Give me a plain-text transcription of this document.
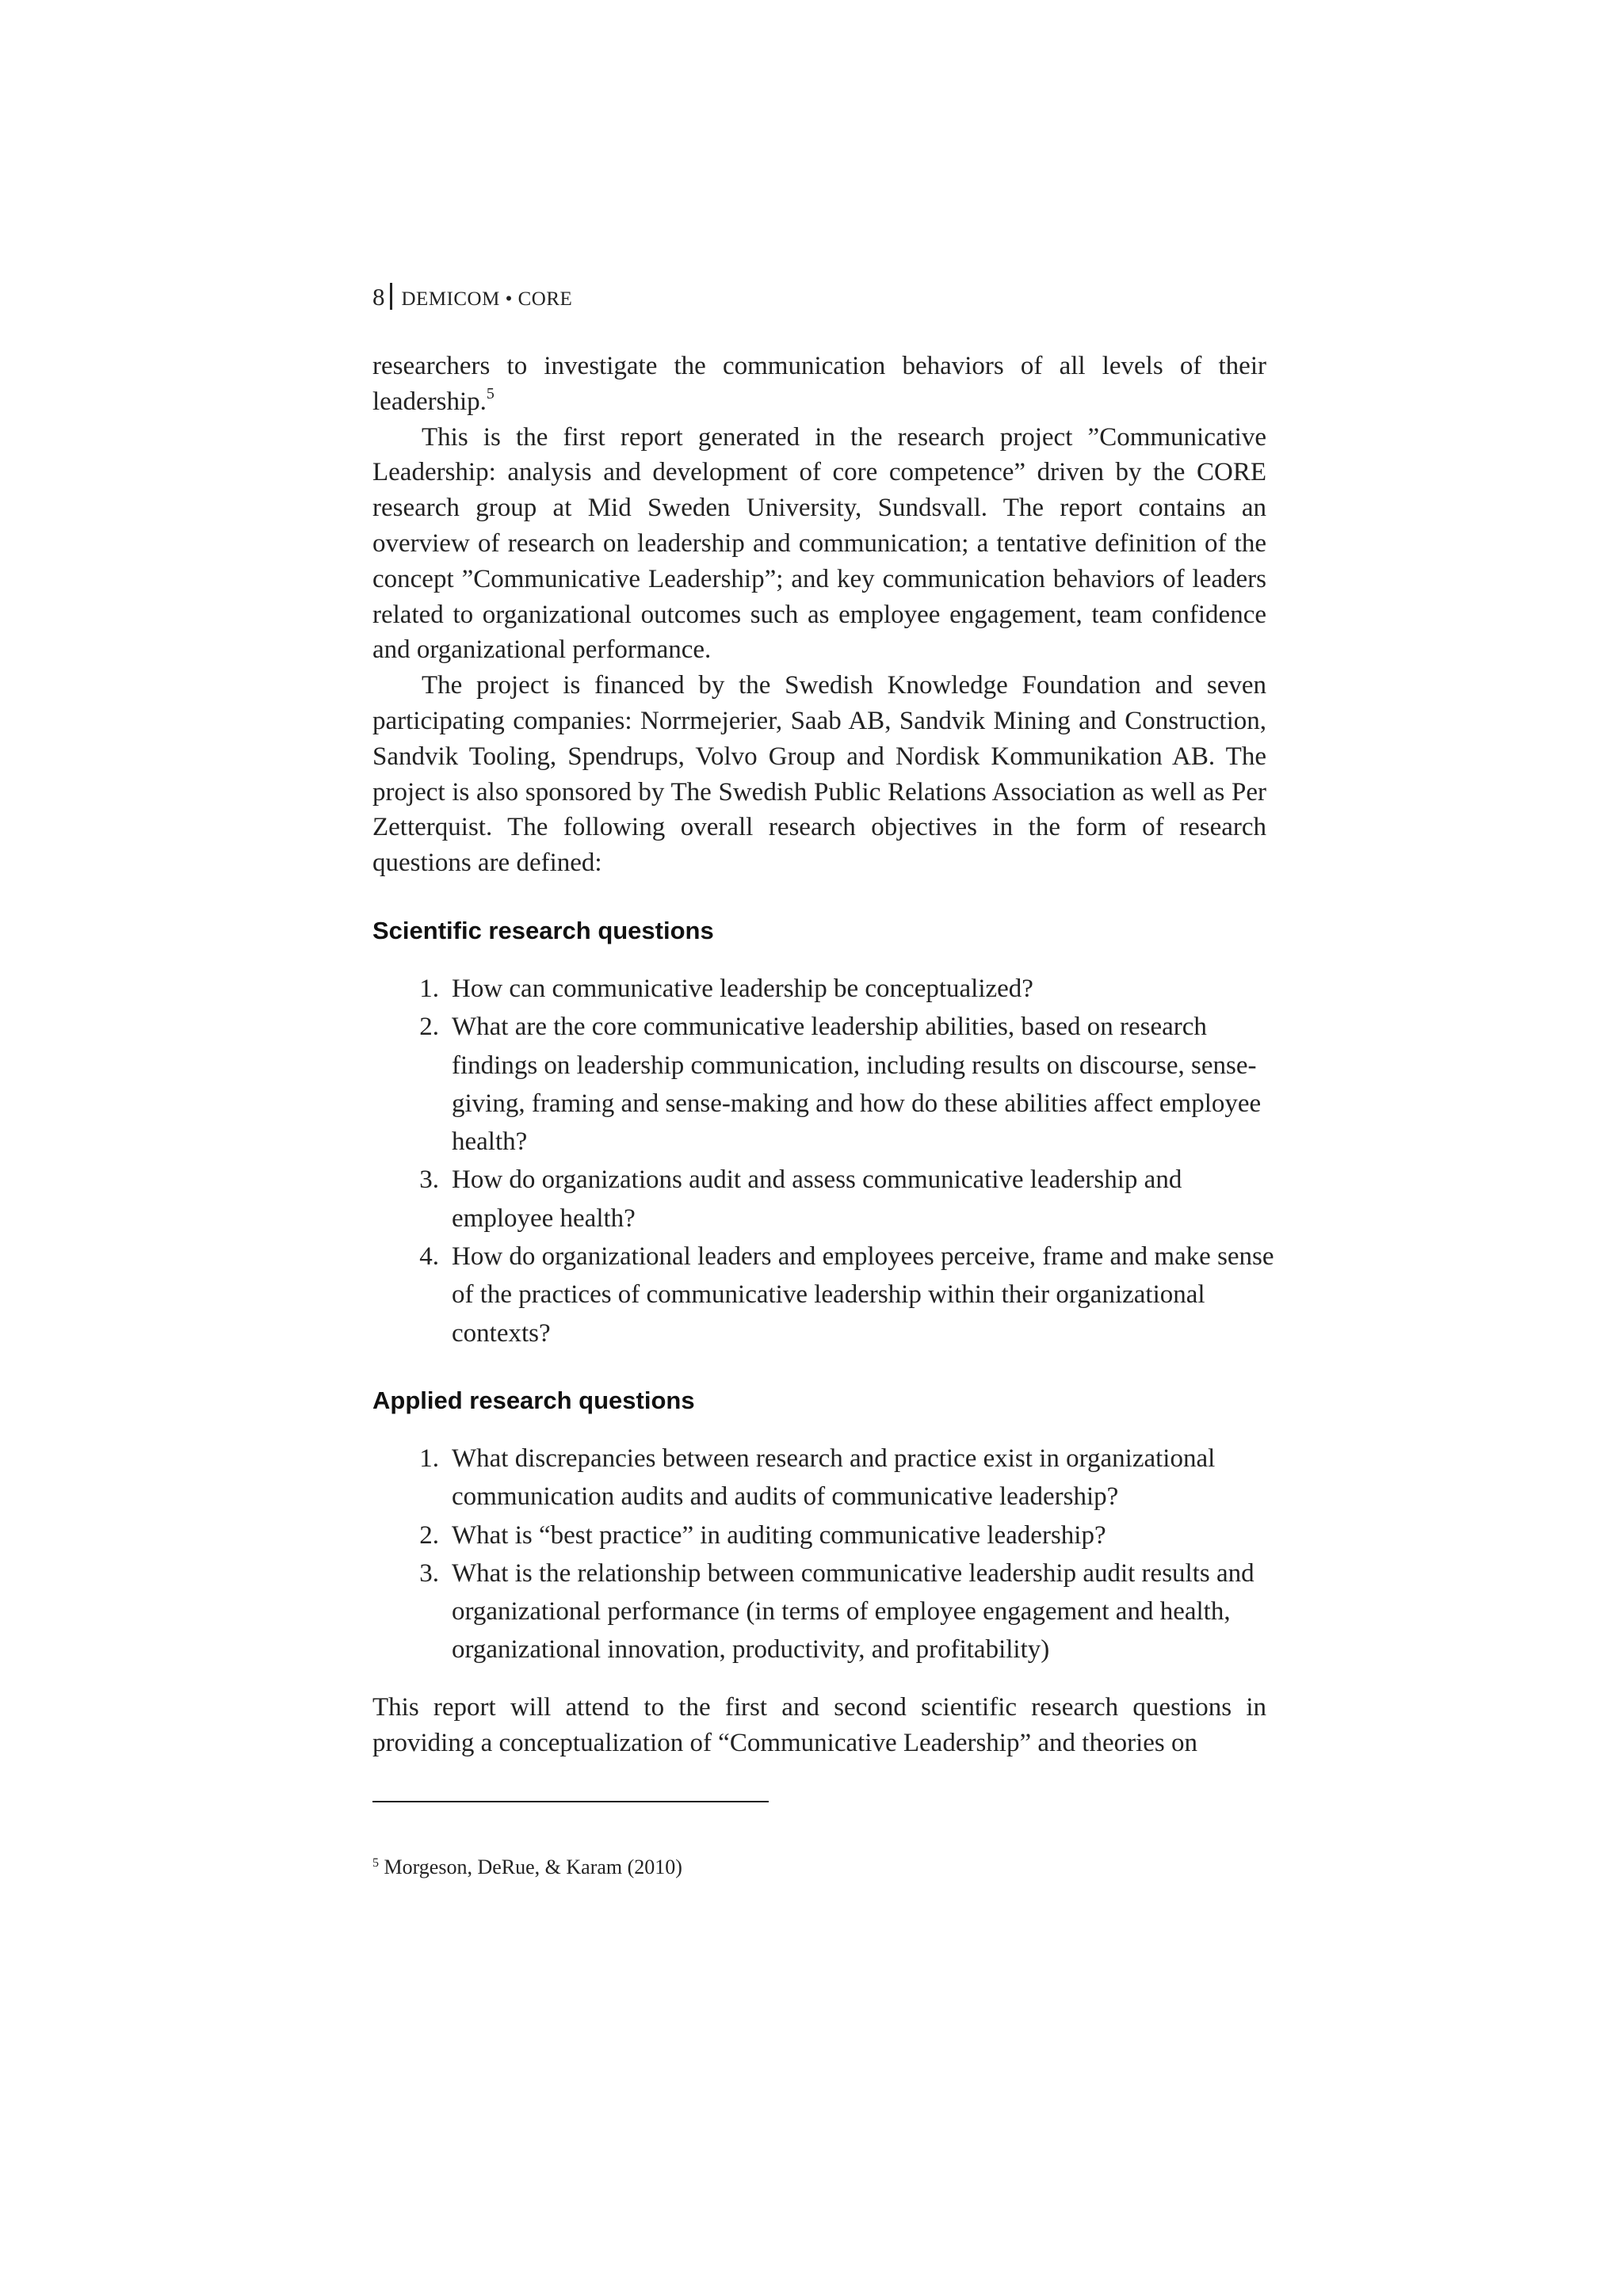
8 DEMICOM • CORE

researchers to investigate the communication behaviors of all levels of their leadership.$^5$

This is the first report generated in the research project ”Communicative Leadership: analysis and development of core competence” driven by the CORE research group at Mid Sweden University, Sundsvall. The report contains an overview of research on leadership and communication; a tentative definition of the concept ”Communicative Leadership”; and key communication behaviors of leaders related to organizational outcomes such as employee engagement, team confidence and organizational performance.

The project is financed by the Swedish Knowledge Foundation and seven participating companies: Norrmejerier, Saab AB, Sandvik Mining and Construction, Sandvik Tooling, Spendrups, Volvo Group and Nordisk Kommunikation AB. The project is also sponsored by The Swedish Public Relations Association as well as Per Zetterquist. The following overall research objectives in the form of research questions are defined:

Scientific research questions
1. How can communicative leadership be conceptualized?
2. What are the core communicative leadership abilities, based on research findings on leadership communication, including results on discourse, sense-giving, framing and sense-making and how do these abilities affect employee health?
3. How do organizations audit and assess communicative leadership and employee health?
4. How do organizational leaders and employees perceive, frame and make sense of the practices of communicative leadership within their organizational contexts?
Applied research questions
1. What discrepancies between research and practice exist in organizational communication audits and audits of communicative leadership?
2. What is “best practice” in auditing communicative leadership?
3. What is the relationship between communicative leadership audit results and organizational performance (in terms of employee engagement and health, organizational innovation, productivity, and profitability)

This report will attend to the first and second scientific research questions in providing a conceptualization of “Communicative Leadership” and theories on

$^5$ Morgeson, DeRue, & Karam (2010)
